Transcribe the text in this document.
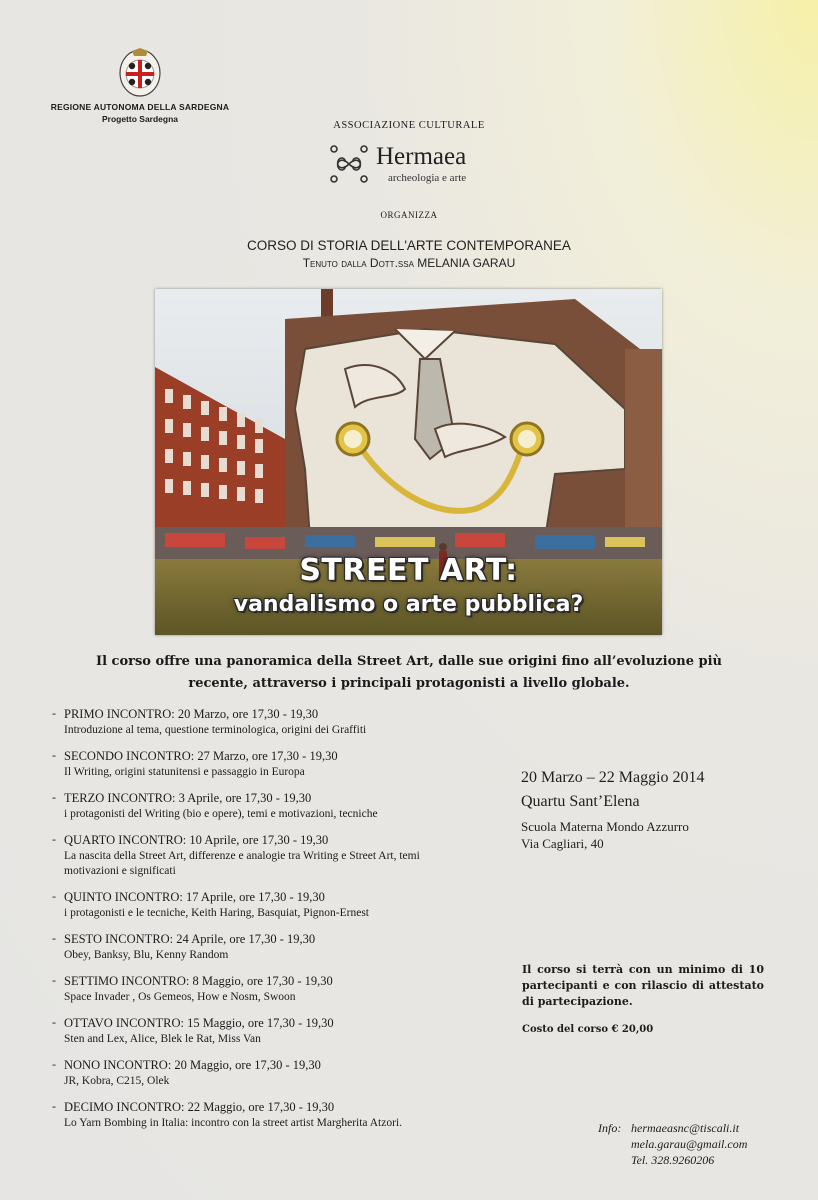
REGIONE AUTONOMA DELLA SARDEGNA
Progetto Sardegna
ASSOCIAZIONE CULTURALE
Hermaea
archeologia e arte
ORGANIZZA
CORSO DI STORIA DELL'ARTE CONTEMPORANEA
Tenuto dalla Dott.ssa MELANIA GARAU
STREET ART:
vandalismo o arte pubblica?
Il corso offre una panoramica della Street Art, dalle sue origini fino all’evoluzione più
recente, attraverso i principali protagonisti a livello globale.
- PRIMO INCONTRO: 20 Marzo, ore 17,30 - 19,30
Introduzione al tema, questione terminologica, origini dei Graffiti
- SECONDO INCONTRO: 27 Marzo, ore 17,30 - 19,30
Il Writing, origini statunitensi e passaggio in Europa
- TERZO INCONTRO: 3 Aprile, ore 17,30 - 19,30
i protagonisti del Writing (bio e opere), temi e motivazioni, tecniche
- QUARTO INCONTRO: 10 Aprile, ore 17,30 - 19,30
La nascita della Street Art, differenze e analogie tra Writing e Street Art, temi motivazioni e significati
- QUINTO INCONTRO: 17 Aprile, ore 17,30 - 19,30
i protagonisti e le tecniche, Keith Haring, Basquiat, Pignon-Ernest
- SESTO INCONTRO: 24 Aprile, ore 17,30 - 19,30
Obey, Banksy, Blu, Kenny Random
- SETTIMO INCONTRO: 8 Maggio, ore 17,30 - 19,30
Space Invader , Os Gemeos, How e Nosm, Swoon
- OTTAVO INCONTRO: 15 Maggio, ore 17,30 - 19,30
Sten and Lex, Alice, Blek le Rat, Miss Van
- NONO INCONTRO: 20 Maggio, ore 17,30 - 19,30
JR, Kobra, C215, Olek
- DECIMO INCONTRO: 22 Maggio, ore 17,30 - 19,30
Lo Yarn Bombing in Italia: incontro con la street artist Margherita Atzori.
20 Marzo – 22 Maggio 2014
Quartu Sant’Elena
Scuola Materna Mondo Azzurro
Via Cagliari, 40
Il corso si terrà con un minimo di 10 partecipanti e con rilascio di attestato di partecipazione.
Costo del corso € 20,00
Info: hermaeasnc@tiscali.it
mela.garau@gmail.com
Tel. 328.9260206
